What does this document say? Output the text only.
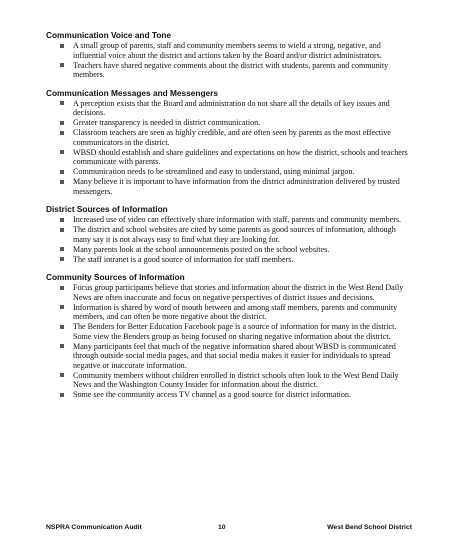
Communication Voice and Tone
A small group of parents, staff and community members seems to wield a strong, negative, and influential voice about the district and actions taken by the Board and/or district administrators.
Teachers have shared negative comments about the district with students, parents and community members.
Communication Messages and Messengers
A perception exists that the Board and administration do not share all the details of key issues and decisions.
Greater transparency is needed in district communication.
Classroom teachers are seen as highly credible, and are often seen by parents as the most effective communicators in the district.
WBSD should establish and share guidelines and expectations on how the district, schools and teachers communicate with parents.
Communication needs to be streamlined and easy to understand, using minimal jargon.
Many believe it is important to have information from the district administration delivered by trusted messengers.
District Sources of Information
Increased use of video can effectively share information with staff, parents and community members.
The district and school websites are cited by some parents as good sources of information, although many say it is not always easy to find what they are looking for.
Many parents look at the school announcements posted on the school websites.
The staff intranet is a good source of information for staff members.
Community Sources of Information
Focus group participants believe that stories and information about the district in the West Bend Daily News are often inaccurate and focus on negative perspectives of district issues and decisions.
Information is shared by word of mouth between and among staff members, parents and community members, and can often be more negative about the district.
The Benders for Better Education Facebook page is a source of information for many in the district. Some view the Benders group as being focused on sharing negative information about the district.
Many participants feel that much of the negative information shared about WBSD is communicated through outside social media pages, and that social media makes it easier for individuals to spread negative or inaccurate information.
Community members without children enrolled in district schools often look to the West Bend Daily News and the Washington County Insider for information about the district.
Some see the community access TV channel as a good source for district information.
NSPRA Communication Audit	10	West Bend School District
